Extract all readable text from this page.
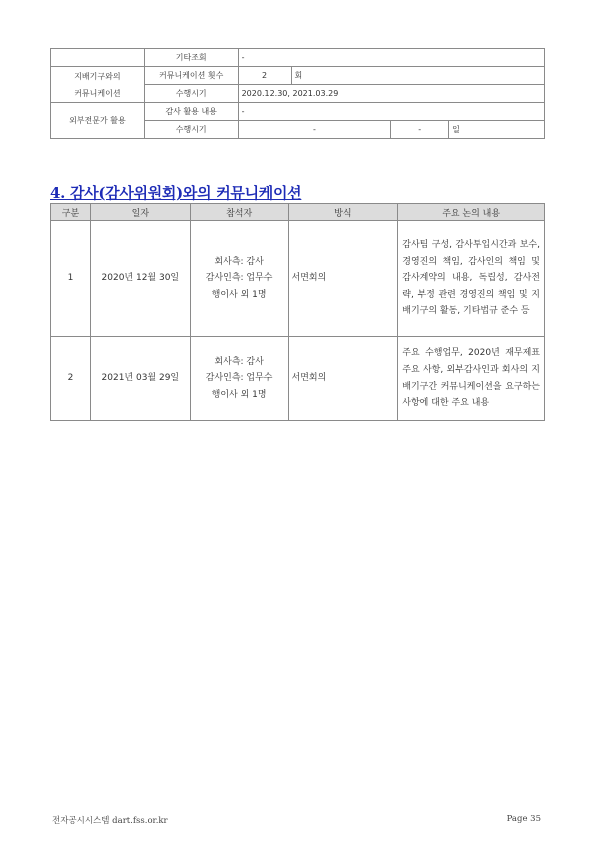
	기타조회	-			

지배기구와의
커뮤니케이션	커뮤니케이션 횟수	2	회		
	수행시기	2020.12.30, 2021.03.29			
외부전문가 활용	감사 활용 내용	-			
	수행시기	-		-	일
4. 감사(감사위원회)와의 커뮤니케이션
구분	일자	참석자	방식	주요 논의 내용
1	2020년 12월 30일	회사측: 감사
감사인측: 업무수
행이사 외 1명	서면회의	감사팀 구성, 감사투입시간과 보수, 경영진의 책임, 감사인의 책임 및 감사계약의 내용, 독립성, 감사전략, 부정 관련 경영진의 책임 및 지배기구의 활동, 기타법규 준수 등
2	2021년 03월 29일	회사측: 감사
감사인측: 업무수
행이사 외 1명	서면회의	주요 수행업무, 2020년 재무제표 주요 사항, 외부감사인과 회사의 지배기구간 커뮤니케이션을 요구하는 사항에 대한 주요 내용
전자공시시스템 dart.fss.or.kr	Page 35
